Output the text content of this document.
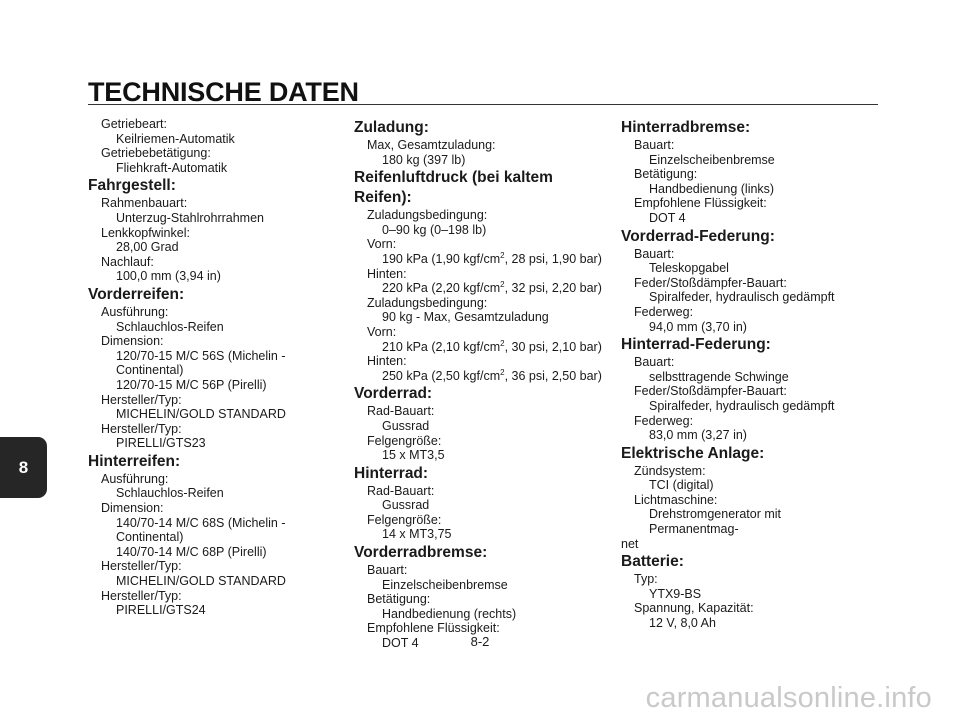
TECHNISCHE DATEN
Getriebeart:
Keilriemen-Automatik
Getriebebetätigung:
Fliehkraft-Automatik
Fahrgestell:
Rahmenbauart:
Unterzug-Stahlrohrrahmen
Lenkkopfwinkel:
28,00 Grad
Nachlauf:
100,0 mm (3,94 in)
Vorderreifen:
Ausführung:
Schlauchlos-Reifen
Dimension:
120/70-15 M/C 56S (Michelin -
Continental)
120/70-15 M/C 56P (Pirelli)
Hersteller/Typ:
MICHELIN/GOLD STANDARD
Hersteller/Typ:
PIRELLI/GTS23
Hinterreifen:
Ausführung:
Schlauchlos-Reifen
Dimension:
140/70-14 M/C 68S (Michelin -
Continental)
140/70-14 M/C 68P (Pirelli)
Hersteller/Typ:
MICHELIN/GOLD STANDARD
Hersteller/Typ:
PIRELLI/GTS24
Zuladung:
Max, Gesamtzuladung:
180 kg (397 lb)
Reifenluftdruck (bei kaltem Reifen):
Zuladungsbedingung:
0–90 kg (0–198 lb)
Vorn:
190 kPa (1,90 kgf/$cm^2$, 28 psi, 1,90 bar)
Hinten:
220 kPa (2,20 kgf/$cm^2$, 32 psi, 2,20 bar)
Zuladungsbedingung:
90 kg - Max, Gesamtzuladung
Vorn:
210 kPa (2,10 kgf/$cm^2$, 30 psi, 2,10 bar)
Hinten:
250 kPa (2,50 kgf/$cm^2$, 36 psi, 2,50 bar)
Vorderrad:
Rad-Bauart:
Gussrad
Felgengröße:
15 x MT3,5
Hinterrad:
Rad-Bauart:
Gussrad
Felgengröße:
14 x MT3,75
Vorderradbremse:
Bauart:
Einzelscheibenbremse
Betätigung:
Handbedienung (rechts)
Empfohlene Flüssigkeit:
DOT 4
Hinterradbremse:
Bauart:
Einzelscheibenbremse
Betätigung:
Handbedienung (links)
Empfohlene Flüssigkeit:
DOT 4
Vorderrad-Federung:
Bauart:
Teleskopgabel
Feder/Stoßdämpfer-Bauart:
Spiralfeder, hydraulisch gedämpft
Federweg:
94,0 mm (3,70 in)
Hinterrad-Federung:
Bauart:
selbsttragende Schwinge
Feder/Stoßdämpfer-Bauart:
Spiralfeder, hydraulisch gedämpft
Federweg:
83,0 mm (3,27 in)
Elektrische Anlage:
Zündsystem:
TCI (digital)
Lichtmaschine:
Drehstromgenerator mit Permanentmag-
net
Batterie:
Typ:
YTX9-BS
Spannung, Kapazität:
12 V, 8,0 Ah
8
8-2
carmanualsonline.info
